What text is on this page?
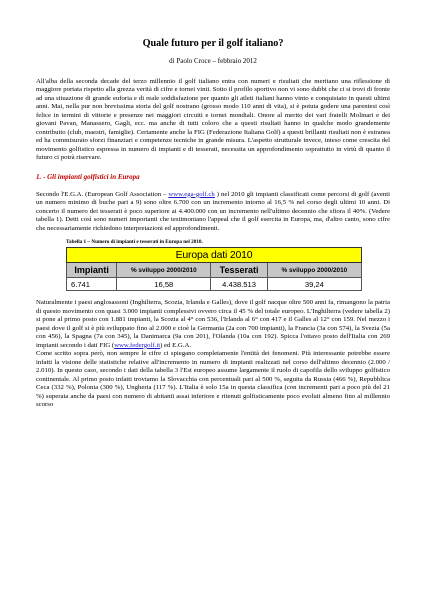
Quale futuro per il golf italiano?
di Paolo Croce – febbraio 2012

All'alba della seconda decade del terzo millennio il golf italiano entra con numeri e risultati che meritano una riflessione di maggiore portata rispetto alla grezza verità di cifre e tornei vinti. Sotto il profilo sportivo non vi sono dubbi che ci si trovi di fronte ad una situazione di grande euforia e di reale soddisfazione per quanto gli atleti italiani hanno vinto e conquistato in questi ultimi anni. Mai, nella pur non brevissima storia del golf nostrano (grosso modo 110 anni di vita), si è potuta godere una parentesi così felice in termini di vittorie e presenze nei maggiori circuiti e tornei mondiali. Onore al merito dei vari fratelli Molinari e dei giovani Pavan, Manassero, Gagli, ecc. ma anche di tutti coloro che a questi risultati hanno in qualche modo grandemente contribuito (club, maestri, famiglie). Certamente anche la FIG (Federazione Italiana Golf) a questi brillanti risultati non è estranea ed ha commisurato sforzi finanziari e competenze tecniche in grande misura. L'aspetto strutturale invece, inteso come crescita del movimento golfistico espressa in numero di impianti e di tesserati, necessita un approfondimento soprattutto in virtù di quanto il futuro ci potrà riservare.

1. - Gli impianti golfistici in Europa

Secondo l'E.G.A. (European Golf Association – www.ega-golf.ch ) nel 2010 gli impianti classificati come percorsi di golf (aventi un numero minimo di buche pari a 9) sono oltre 6.700 con un incremento intorno al 16,5 % nel corso degli ultimi 10 anni. Di concerto il numero dei tesserati è poco superiore ai 4.400.000 con un incremento nell'ultimo decennio che sfiora il 40%. (Vedere tabella 1). Detti così sono numeri importanti che testimoniano l'appeal che il golf esercita in Europa, ma, d'altro canto, sono cifre che necessariamente richiedono interpretazioni ed approfondimenti.

Tabella 1 – Numero di impianti e tesserati in Europa nel 2010.
Europa dati 2010			
Impianti	% sviluppo 2000/2010	Tesserati	% sviluppo 2000/2010
6.741	16,58	4.438.513	39,24

Naturalmente i paesi anglosassoni (Inghilterra, Scozia, Irlanda e Galles), dove il golf nacque oltre 500 anni fa, rimangono la patria di questo movimento con quasi 3.000 impianti complessivi ovvero circa il 45 % del totale europeo. L'Inghilterra (vedere tabella 2) si pone al primo posto con 1.881 impianti, la Scozia al 4° con 536, l'Irlanda al 6° con 417 e il Galles al 12° con 159. Nel mezzo i paesi dove il golf si è più sviluppato fino al 2.000 e cioè la Germania (2a con 700 impianti), la Francia (3a con 574), la Svezia (5a con 456), la Spagna (7a con 345), la Danimarca (9a con 201), l'Olanda (10a con 192). Spicca l'ottavo posto dell'Italia con 269 impianti secondo i dati FIG (www.federgolf.it) ed E.G.A.

Come scritto sopra però, non sempre le cifre ci spiegano completamente l'entità dei fenomeni. Più interessante potrebbe essere infatti la visione delle statistiche relative all'incremento in numero di impianti realizzati nel corso dell'ultimo decennio (2.000 / 2.010). In questo caso, secondo i dati della tabella 3 l'Est europeo assume largamente il ruolo di capofila dello sviluppo golfistico continentale. Al primo posto infatti troviamo la Slovacchia con percentuali pari al 500 %, seguita da Russia (466 %), Repubblica Ceca (332 %), Polonia (300 %), Ungheria (117 %). L'Italia è solo 15a in questa classifica (con incrementi pari a poco più del 21 %) superata anche da paesi con numero di abitanti assai inferiore e ritenuti golfisticamente poco evoluti almeno fino al millennio scorso
